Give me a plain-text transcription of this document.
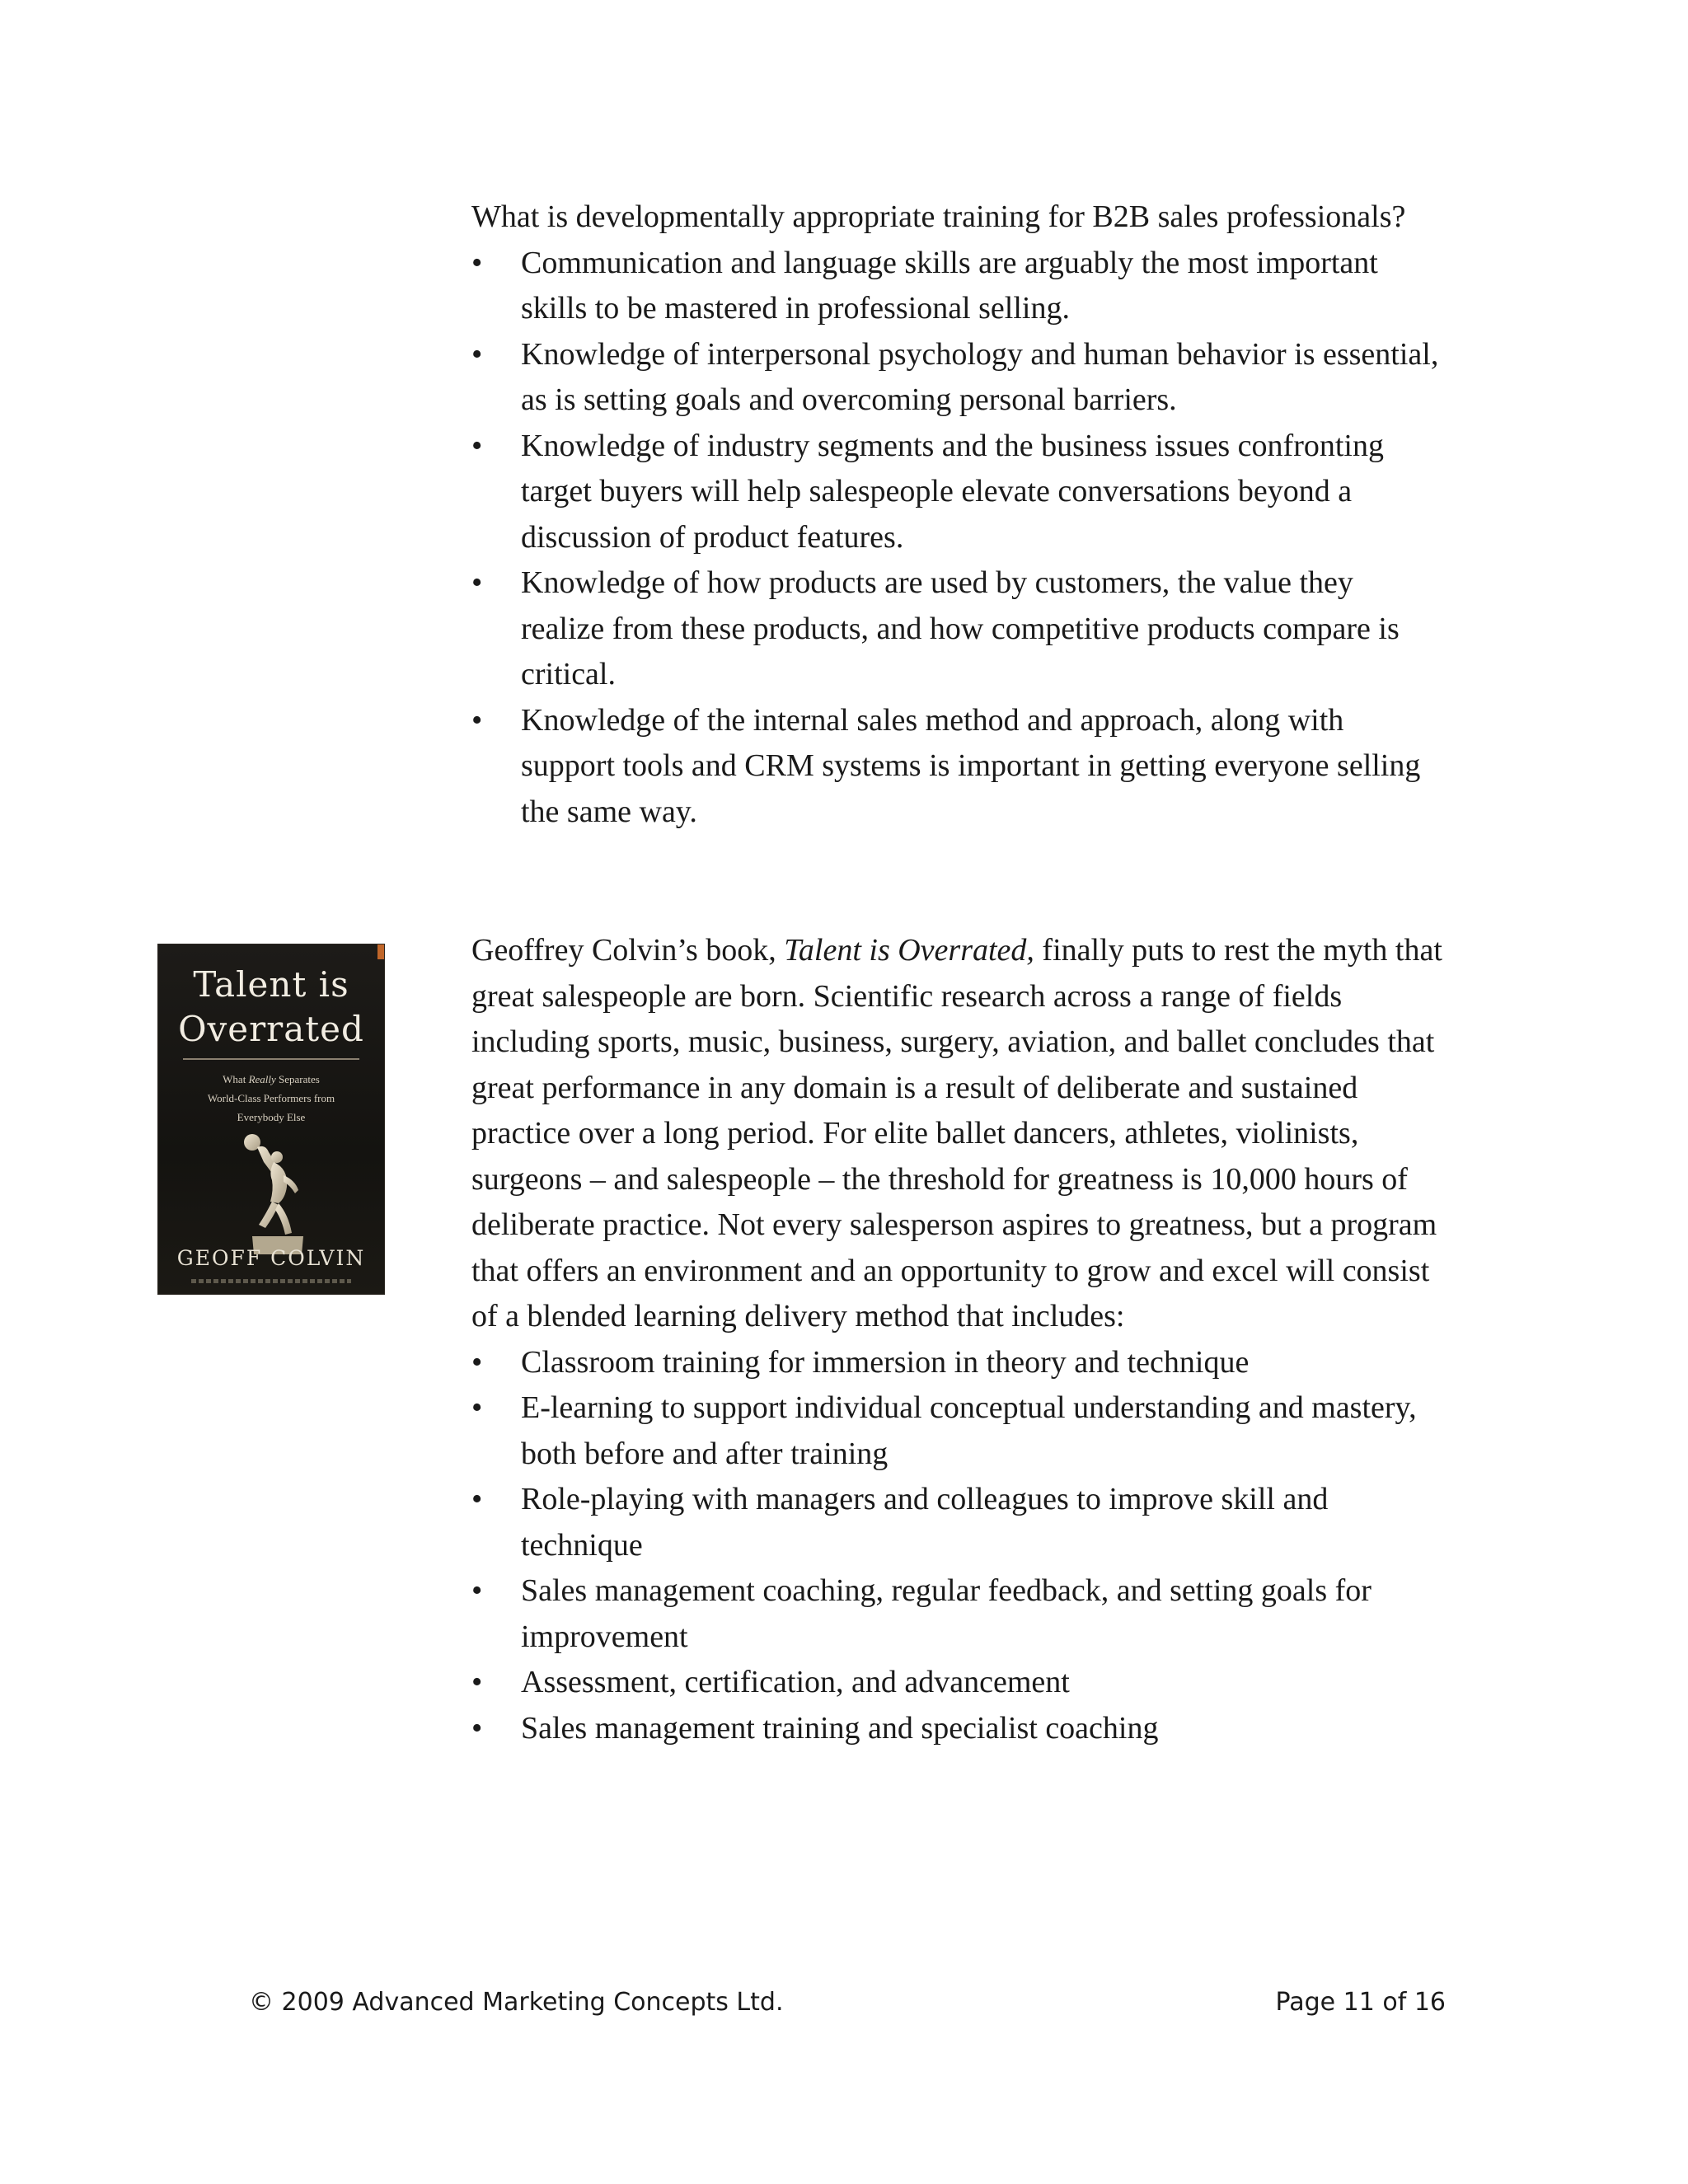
What is developmentally appropriate training for B2B sales professionals?

•	Communication and language skills are arguably the most important skills to be mastered in professional selling.
•	Knowledge of interpersonal psychology and human behavior is essential, as is setting goals and overcoming personal barriers.
•	Knowledge of industry segments and the business issues confronting target buyers will help salespeople elevate conversations beyond a discussion of product features.
•	Knowledge of how products are used by customers, the value they realize from these products, and how competitive products compare is critical.
•	Knowledge of the internal sales method and approach, along with support tools and CRM systems is important in getting everyone selling the same way.
Talent is
Overrated
What Really Separates
World-Class Performers from
Everybody Else
GEOFF COLVIN

Geoffrey Colvin’s book, Talent is Overrated, finally puts to rest the myth that great salespeople are born. Scientific research across a range of fields including sports, music, business, surgery, aviation, and ballet concludes that great performance in any domain is a result of deliberate and sustained practice over a long period. For elite ballet dancers, athletes, violinists, surgeons – and salespeople – the threshold for greatness is 10,000 hours of deliberate practice. Not every salesperson aspires to greatness, but a program that offers an environment and an opportunity to grow and excel will consist of a blended learning delivery method that includes:

•	Classroom training for immersion in theory and technique
•	E-learning to support individual conceptual understanding and mastery, both before and after training
•	Role-playing with managers and colleagues to improve skill and technique
•	Sales management coaching, regular feedback, and setting goals for improvement
•	Assessment, certification, and advancement
•	Sales management training and specialist coaching
© 2009 Advanced Marketing Concepts Ltd.	Page 11 of 16
